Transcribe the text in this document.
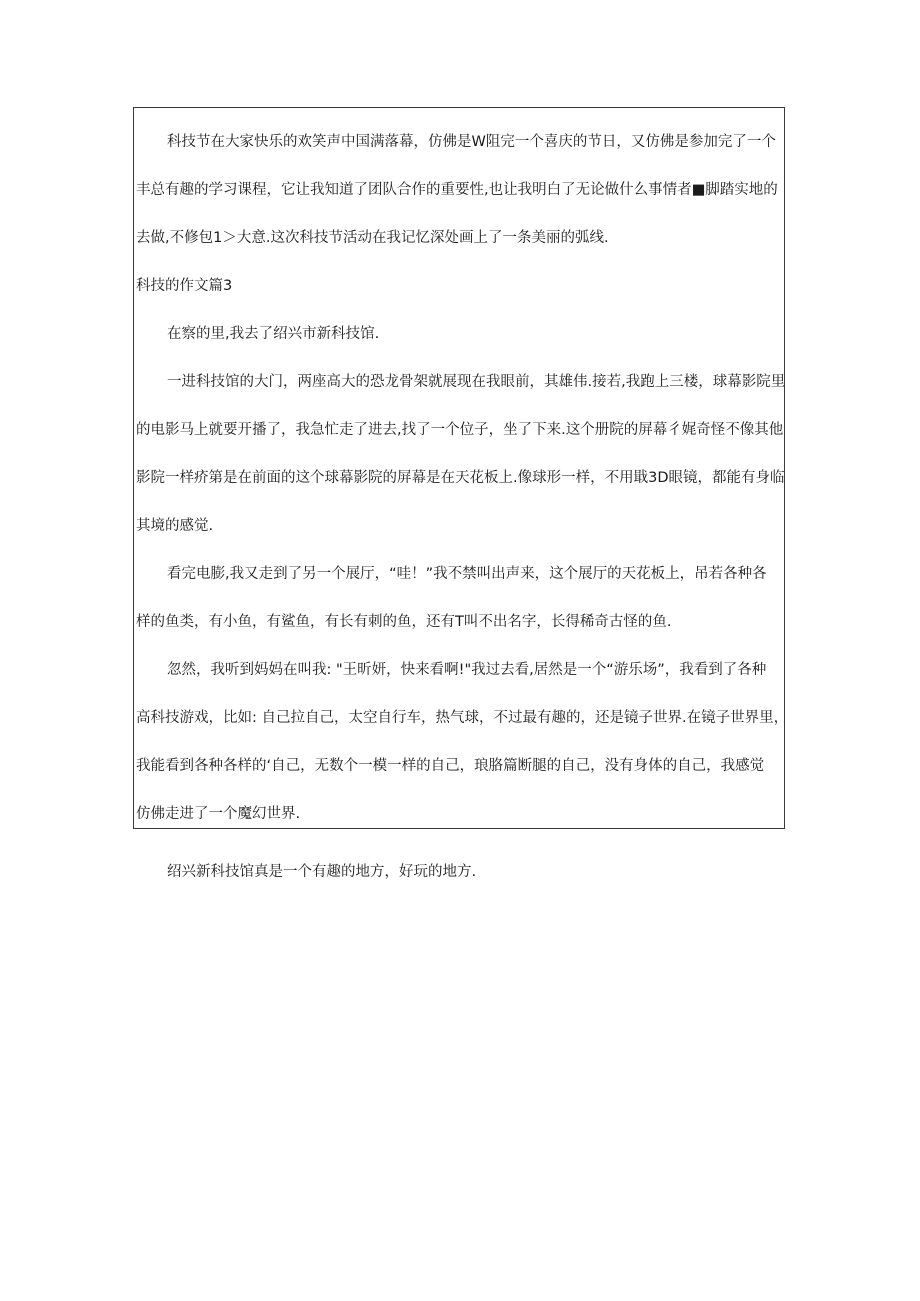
科技节在大家快乐的欢笑声中国满落幕，仿佛是W阻完一个喜庆的节日，又仿佛是参加完了一个
丰总有趣的学习课程，它让我知道了团队合作的重要性,也让我明白了无论做什么事情者■脚踏实地的
去做,不修包1＞大意.这次科技节活动在我记忆深处画上了一条美丽的弧线.
科技的作文篇3
在察的里,我去了绍兴市新科技馆.
一进科技馆的大门，两座高大的恐龙骨架就展现在我眼前，其雄伟.接若,我跑上三楼，球幕影院里
的电影马上就要开播了，我急忙走了进去,找了一个位子，坐了下来.这个册院的屏幕彳娓奇怪不像其他
影院一样疥第是在前面的这个球幕影院的屏幕是在天花板上.像球形一样，不用戢3D眼镜，都能有身临
其境的感觉.
看完电膨,我又走到了另一个展厅，“哇！”我不禁叫出声来，这个展厅的天花板上，吊若各种各
样的鱼类，有小鱼，有鲨鱼，有长有刺的鱼，还有T叫不出名字，长得稀奇古怪的鱼.
忽然，我听到妈妈在叫我: "王昕妍，快来看啊!"我过去看,居然是一个“游乐场”，我看到了各种
高科技游戏，比如: 自己拉自己，太空自行车，热气球，不过最有趣的，还是镜子世界.在镜子世界里，
我能看到各种各样的‘自己，无数个一模一样的自己，琅胳篇断腿的自己，没有身体的自己，我感觉
仿佛走进了一个魔幻世界.
绍兴新科技馆真是一个有趣的地方，好玩的地方.
